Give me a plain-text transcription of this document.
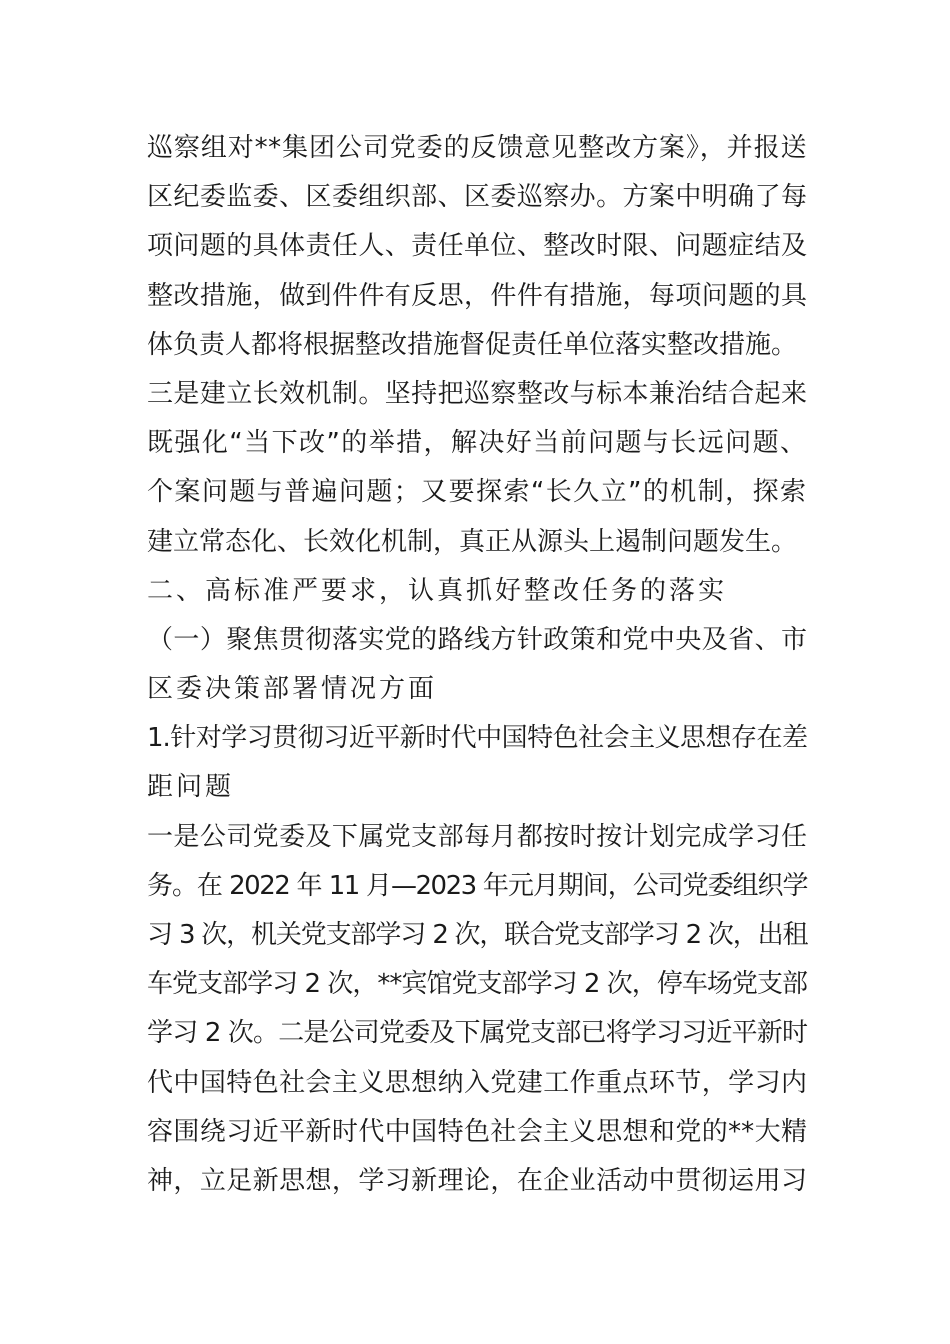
巡察组对**集团公司党委的反馈意见整改方案》，并报送
区纪委监委、区委组织部、区委巡察办。方案中明确了每
项问题的具体责任人、责任单位、整改时限、问题症结及
整改措施，做到件件有反思，件件有措施，每项问题的具
体负责人都将根据整改措施督促责任单位落实整改措施。
三是建立长效机制。坚持把巡察整改与标本兼治结合起来
既强化“当下改”的举措，解决好当前问题与长远问题、
个案问题与普遍问题；又要探索“长久立”的机制，探索
建立常态化、长效化机制，真正从源头上遏制问题发生。
二、高标准严要求，认真抓好整改任务的落实
（一）聚焦贯彻落实党的路线方针政策和党中央及省、市
区委决策部署情况方面
1.针对学习贯彻习近平新时代中国特色社会主义思想存在差
距问题
一是公司党委及下属党支部每月都按时按计划完成学习任
务。在 2022 年 11 月—2023 年元月期间，公司党委组织学
习 3 次，机关党支部学习 2 次，联合党支部学习 2 次，出租
车党支部学习 2 次，**宾馆党支部学习 2 次，停车场党支部
学习 2 次。二是公司党委及下属党支部已将学习习近平新时
代中国特色社会主义思想纳入党建工作重点环节，学习内
容围绕习近平新时代中国特色社会主义思想和党的**大精
神，立足新思想，学习新理论，在企业活动中贯彻运用习
